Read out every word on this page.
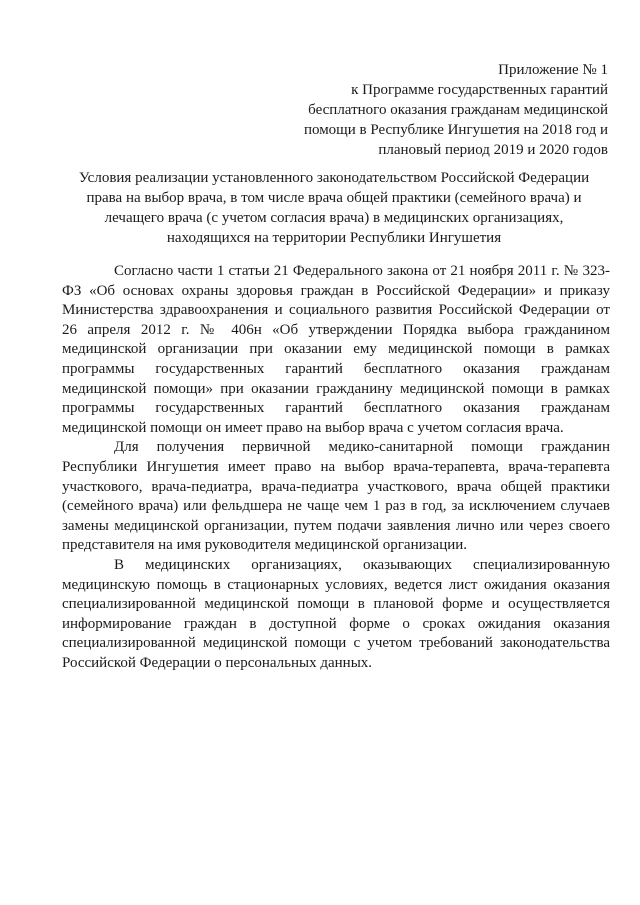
Приложение № 1
к Программе государственных гарантий
бесплатного оказания гражданам медицинской
помощи в Республике Ингушетия на 2018 год и
плановый период 2019 и 2020 годов
Условия реализации установленного законодательством Российской Федерации
права на выбор врача, в том числе врача общей практики (семейного врача) и
лечащего врача (с учетом согласия врача) в медицинских организациях,
находящихся на территории Республики Ингушетия

Согласно части 1 статьи 21 Федерального закона от 21 ноября 2011 г. № 323-ФЗ «Об основах охраны здоровья граждан в Российской Федерации» и приказу Министерства здравоохранения и социального развития Российской Федерации от 26 апреля 2012 г. № 406н «Об утверждении Порядка выбора гражданином медицинской организации при оказании ему медицинской помощи в рамках программы государственных гарантий бесплатного оказания гражданам медицинской помощи» при оказании гражданину медицинской помощи в рамках программы государственных гарантий бесплатного оказания гражданам медицинской помощи он имеет право на выбор врача с учетом согласия врача.

Для получения первичной медико-санитарной помощи гражданин Республики Ингушетия имеет право на выбор врача-терапевта, врача-терапевта участкового, врача-педиатра, врача-педиатра участкового, врача общей практики (семейного врача) или фельдшера не чаще чем 1 раз в год, за исключением случаев замены медицинской организации, путем подачи заявления лично или через своего представителя на имя руководителя медицинской организации.

В медицинских организациях, оказывающих специализированную медицинскую помощь в стационарных условиях, ведется лист ожидания оказания специализированной медицинской помощи в плановой форме и осуществляется информирование граждан в доступной форме о сроках ожидания оказания специализированной медицинской помощи с учетом требований законодательства Российской Федерации о персональных данных.
